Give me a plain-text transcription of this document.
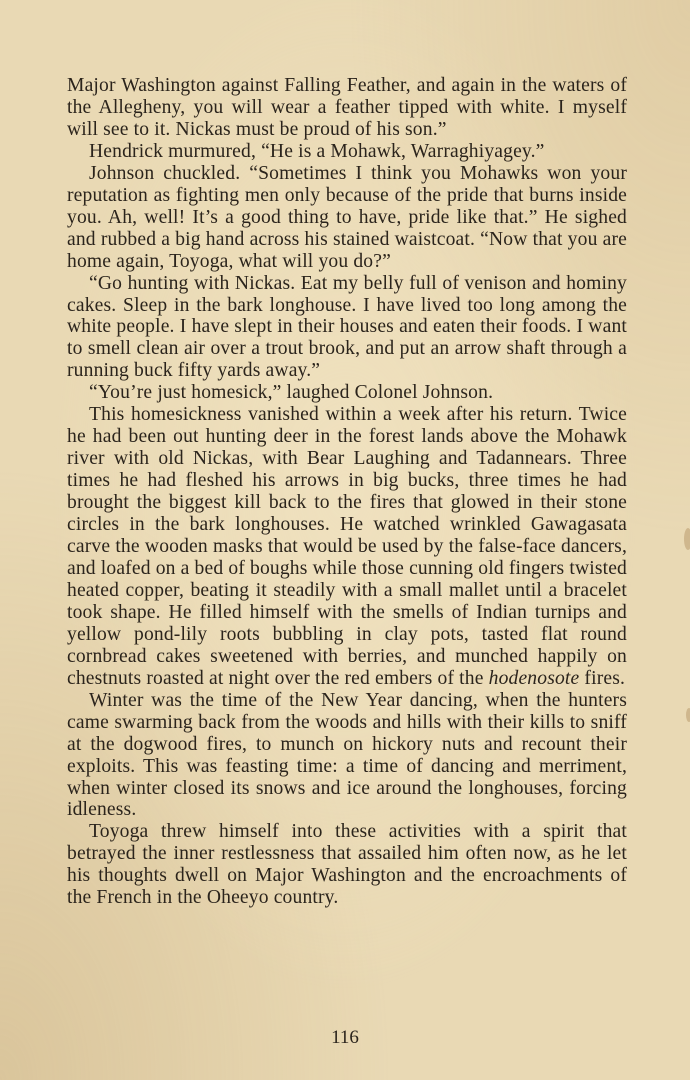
Major Washington against Falling Feather, and again in the waters of the Allegheny, you will wear a feather tipped with white. I myself will see to it. Nickas must be proud of his son.”

Hendrick murmured, “He is a Mohawk, Warraghiyagey.”

Johnson chuckled. “Sometimes I think you Mohawks won your reputation as fighting men only because of the pride that burns inside you. Ah, well! It’s a good thing to have, pride like that.” He sighed and rubbed a big hand across his stained waistcoat. “Now that you are home again, Toyoga, what will you do?”

“Go hunting with Nickas. Eat my belly full of venison and hominy cakes. Sleep in the bark longhouse. I have lived too long among the white people. I have slept in their houses and eaten their foods. I want to smell clean air over a trout brook, and put an arrow shaft through a running buck fifty yards away.”

“You’re just homesick,” laughed Colonel Johnson.

This homesickness vanished within a week after his return. Twice he had been out hunting deer in the forest lands above the Mohawk river with old Nickas, with Bear Laughing and Tadannears. Three times he had fleshed his arrows in big bucks, three times he had brought the biggest kill back to the fires that glowed in their stone circles in the bark longhouses. He watched wrinkled Gawagasata carve the wooden masks that would be used by the false-face dancers, and loafed on a bed of boughs while those cunning old fingers twisted heated copper, beating it steadily with a small mallet until a bracelet took shape. He filled himself with the smells of Indian turnips and yellow pond-lily roots bubbling in clay pots, tasted flat round cornbread cakes sweetened with berries, and munched happily on chestnuts roasted at night over the red embers of the hodenosote fires.

Winter was the time of the New Year dancing, when the hunters came swarming back from the woods and hills with their kills to sniff at the dogwood fires, to munch on hickory nuts and recount their exploits. This was feasting time: a time of dancing and merriment, when winter closed its snows and ice around the longhouses, forcing idleness.

Toyoga threw himself into these activities with a spirit that betrayed the inner restlessness that assailed him often now, as he let his thoughts dwell on Major Washington and the encroachments of the French in the Oheeyo country.

116
